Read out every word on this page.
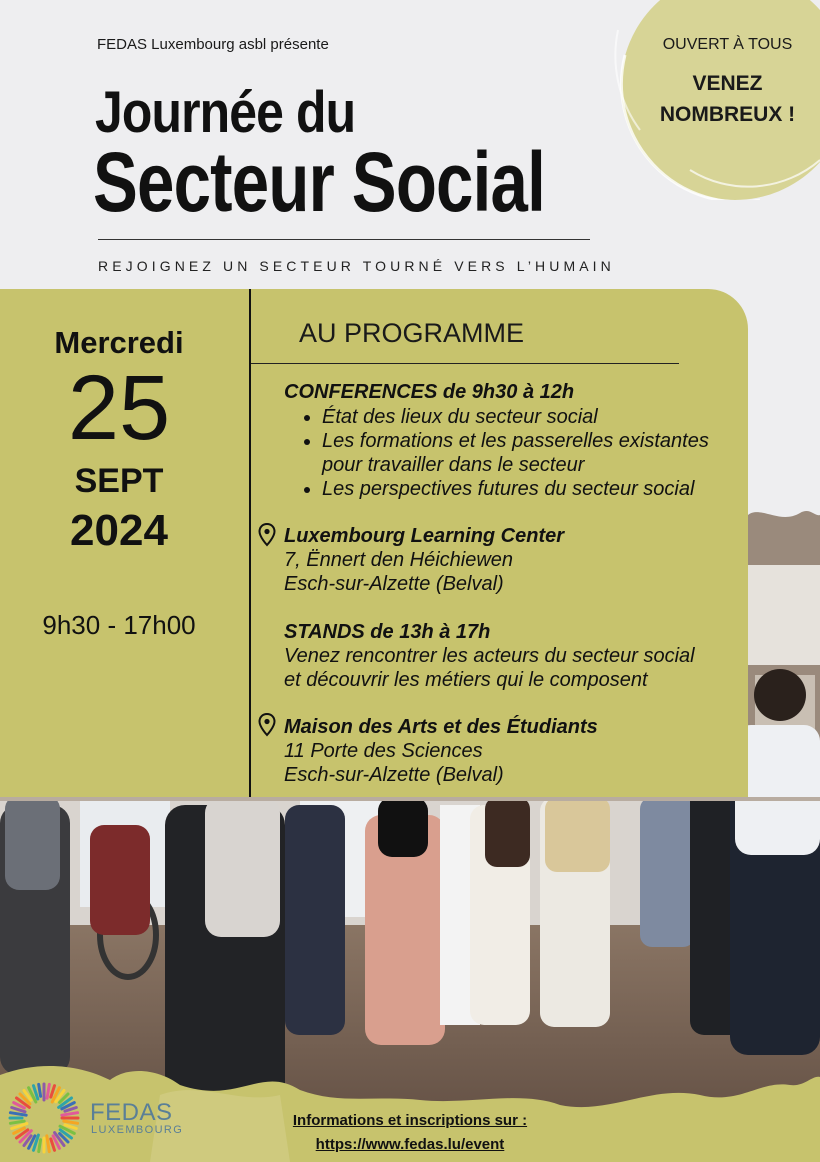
OUVERT À TOUS
VENEZ
NOMBREUX !
FEDAS Luxembourg asbl présente
Journée du
Secteur Social
REJOIGNEZ UN SECTEUR TOURNÉ VERS L’HUMAIN
Mercredi
25
SEPT
2024
9h30 - 17h00
AU PROGRAMME
CONFERENCES de 9h30 à 12h
• État des lieux du secteur social
• Les formations et les passerelles existantes pour travailler dans le secteur
• Les perspectives futures du secteur social
Luxembourg Learning Center
7, Ënnert den Héichiewen
Esch-sur-Alzette (Belval)
STANDS de 13h à 17h
Venez rencontrer les acteurs du secteur social
et découvrir les métiers qui le composent
Maison des Arts et des Étudiants
11 Porte des Sciences
Esch-sur-Alzette (Belval)
FEDAS
LUXEMBOURG
Informations et inscriptions sur :
https://www.fedas.lu/event
